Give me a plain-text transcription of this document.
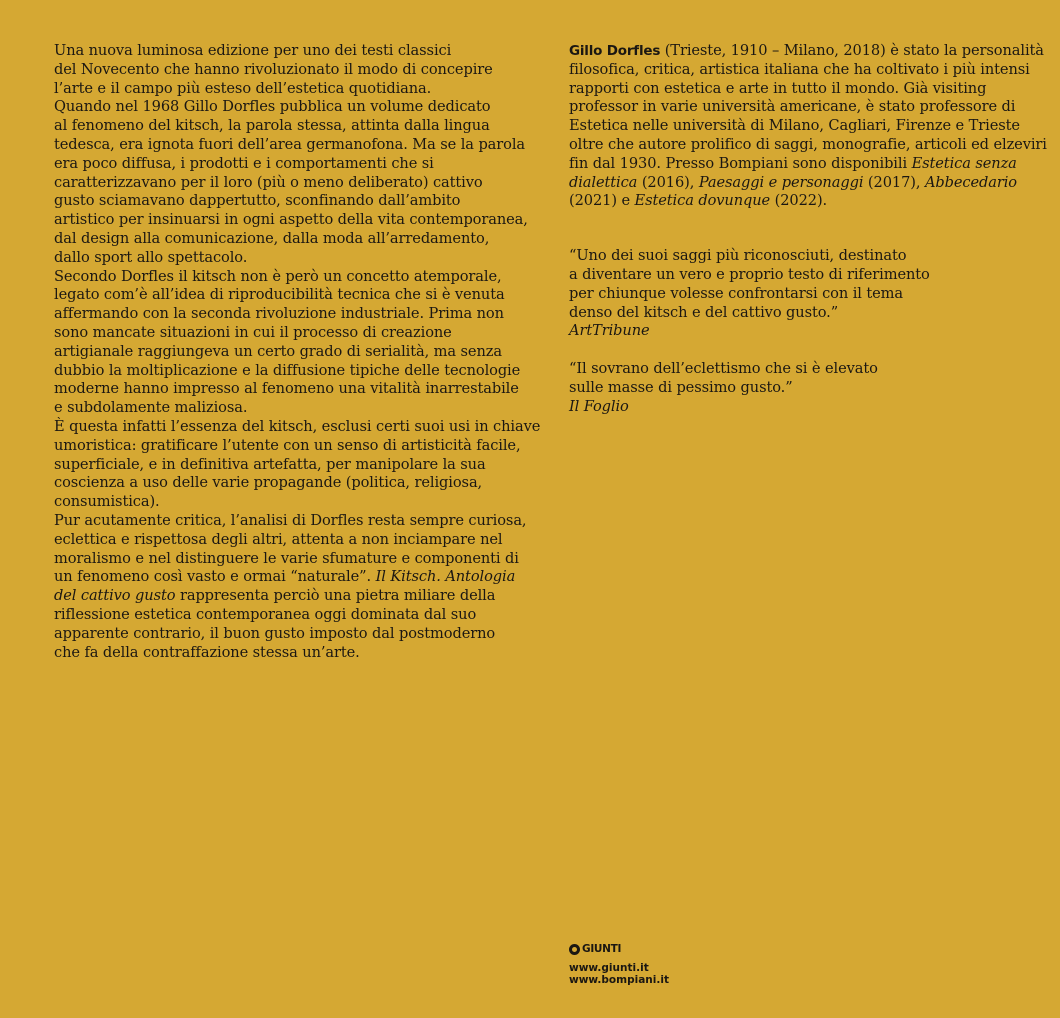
Una nuova luminosa edizione per uno dei testi classici
del Novecento che hanno rivoluzionato il modo di concepire
l’arte e il campo più esteso dell’estetica quotidiana.
Quando nel 1968 Gillo Dorfles pubblica un volume dedicato
al fenomeno del kitsch, la parola stessa, attinta dalla lingua
tedesca, era ignota fuori dell’area germanofona. Ma se la parola
era poco diffusa, i prodotti e i comportamenti che si
caratterizzavano per il loro (più o meno deliberato) cattivo
gusto sciamavano dappertutto, sconfinando dall’ambito
artistico per insinuarsi in ogni aspetto della vita contemporanea,
dal design alla comunicazione, dalla moda all’arredamento,
dallo sport allo spettacolo.
Secondo Dorfles il kitsch non è però un concetto atemporale,
legato com’è all’idea di riproducibilità tecnica che si è venuta
affermando con la seconda rivoluzione industriale. Prima non
sono mancate situazioni in cui il processo di creazione
artigianale raggiungeva un certo grado di serialità, ma senza
dubbio la moltiplicazione e la diffusione tipiche delle tecnologie
moderne hanno impresso al fenomeno una vitalità inarrestabile
e subdolamente maliziosa.
È questa infatti l’essenza del kitsch, esclusi certi suoi usi in chiave
umoristica: gratificare l’utente con un senso di artisticità facile,
superficiale, e in definitiva artefatta, per manipolare la sua
coscienza a uso delle varie propagande (politica, religiosa,
consumistica).
Pur acutamente critica, l’analisi di Dorfles resta sempre curiosa,
eclettica e rispettosa degli altri, attenta a non inciampare nel
moralismo e nel distinguere le varie sfumature e componenti di
un fenomeno così vasto e ormai “naturale”. Il Kitsch. Antologia
del cattivo gusto rappresenta perciò una pietra miliare della
riflessione estetica contemporanea oggi dominata dal suo
apparente contrario, il buon gusto imposto dal postmoderno
che fa della contraffazione stessa un’arte.
Gillo Dorfles (Trieste, 1910 – Milano, 2018) è stato la personalità
filosofica, critica, artistica italiana che ha coltivato i più intensi
rapporti con estetica e arte in tutto il mondo. Già visiting
professor in varie università americane, è stato professore di
Estetica nelle università di Milano, Cagliari, Firenze e Trieste
oltre che autore prolifico di saggi, monografie, articoli ed elzeviri
fin dal 1930. Presso Bompiani sono disponibili Estetica senza
dialettica (2016), Paesaggi e personaggi (2017), Abbecedario
(2021) e Estetica dovunque (2022).
“Uno dei suoi saggi più riconosciuti, destinato
a diventare un vero e proprio testo di riferimento
per chiunque volesse confrontarsi con il tema
denso del kitsch e del cattivo gusto.”
ArtTribune
“Il sovrano dell’eclettismo che si è elevato
sulle masse di pessimo gusto.”
Il Foglio
GIUNTI
www.giunti.it
www.bompiani.it
